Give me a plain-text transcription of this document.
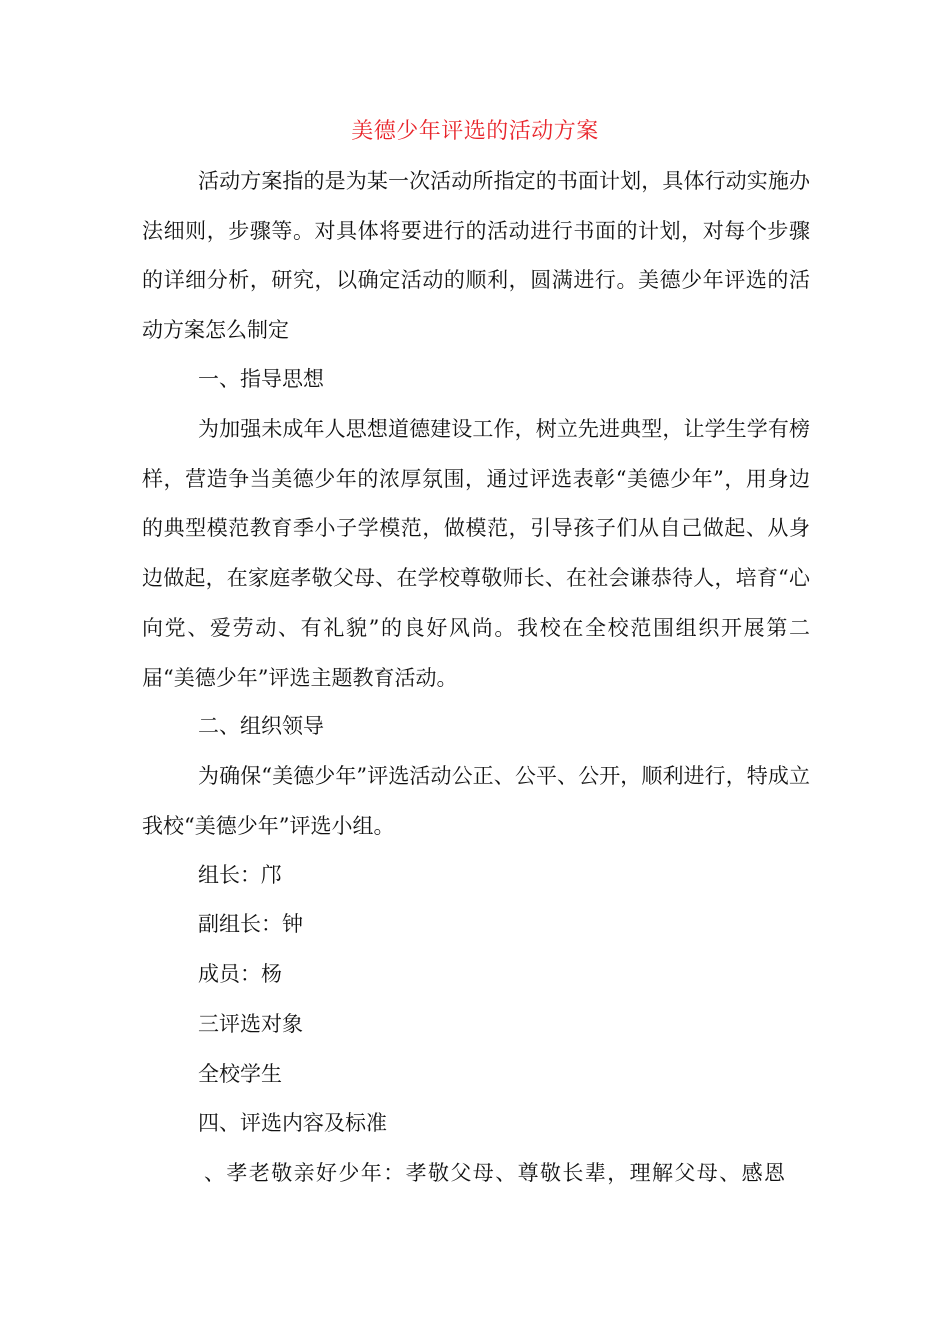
美德少年评选的活动方案

活动方案指的是为某一次活动所指定的书面计划，具体行动实施办法细则，步骤等。对具体将要进行的活动进行书面的计划，对每个步骤的详细分析，研究，以确定活动的顺利，圆满进行。美德少年评选的活动方案怎么制定

一、指导思想

为加强未成年人思想道德建设工作，树立先进典型，让学生学有榜样，营造争当美德少年的浓厚氛围，通过评选表彰“美德少年”，用身边的典型模范教育季小子学模范，做模范，引导孩子们从自己做起、从身边做起，在家庭孝敬父母、在学校尊敬师长、在社会谦恭待人，培育“心向党、爱劳动、有礼貌”的良好风尚。我校在全校范围组织开展第二届“美德少年”评选主题教育活动。

二、组织领导

为确保“美德少年”评选活动公正、公平、公开，顺利进行，特成立我校“美德少年”评选小组。

组长：邝
副组长：钟
成员：杨
三评选对象
全校学生
四、评选内容及标准
、孝老敬亲好少年：孝敬父母、尊敬长辈，理解父母、感恩
